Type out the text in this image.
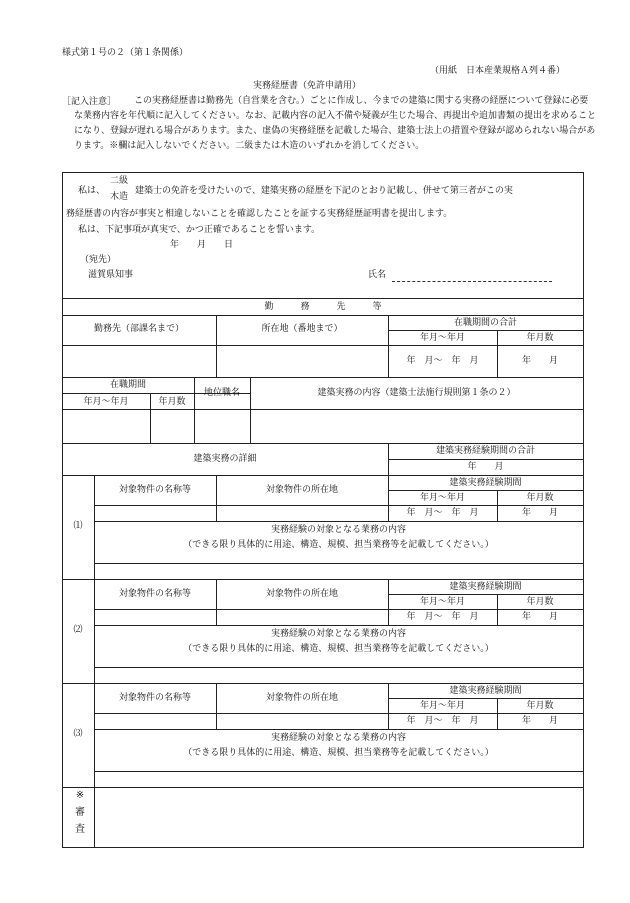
様式第１号の２（第１条関係）
（用紙　日本産業規格Ａ列４番）
実務経歴書（免許申請用）
［記入注意］	この実務経歴書は勤務先（自営業を含む。）ごとに作成し、今までの建築に関する実務の経歴について登録に必要な業務内容を年代順に記入してください。なお、記載内容の記入不備や疑義が生じた場合、再提出や追加書類の提出を求めることになり、登録が遅れる場合があります。また、虚偽の実務経歴を記載した場合、建築士法上の措置や登録が認められない場合があります。※欄は記入しないでください。二級または木造のいずれかを消してください。
私は、
二級
木造
建築士の免許を受けたいので、建築実務の経歴を下記のとおり記載し、併せて第三者がこの実
務経歴書の内容が事実と相違しないことを確認したことを証する実務経歴証明書を提出します。
私は、下記事項が真実で、かつ正確であることを誓います。
年　　月　　日
（宛先）
滋賀県知事	氏名
勤　　　務　　　先　　　等
勤務先（部課名まで）	所在地（番地まで）
在職期間の合計
年月〜年月	年月数
年　月〜　年　月	年　　月
在職期間
年月〜年月	年月数
地位職名	建築実務の内容（建築士法施行規則第１条の２）
建築実務の詳細
建築実務経験期間の合計
年　　月
⑴
対象物件の名称等	対象物件の所在地
建築実務経験期間
年月〜年月	年月数
年　月〜　年　月	年　　月
実務経験の対象となる業務の内容
（できる限り具体的に用途、構造、規模、担当業務等を記載してください。）
⑵
対象物件の名称等	対象物件の所在地
建築実務経験期間
年月〜年月	年月数
年　月〜　年　月	年　　月
実務経験の対象となる業務の内容
（できる限り具体的に用途、構造、規模、担当業務等を記載してください。）
⑶
対象物件の名称等	対象物件の所在地
建築実務経験期間
年月〜年月	年月数
年　月〜　年　月	年　　月
実務経験の対象となる業務の内容
（できる限り具体的に用途、構造、規模、担当業務等を記載してください。）
※
審
査
